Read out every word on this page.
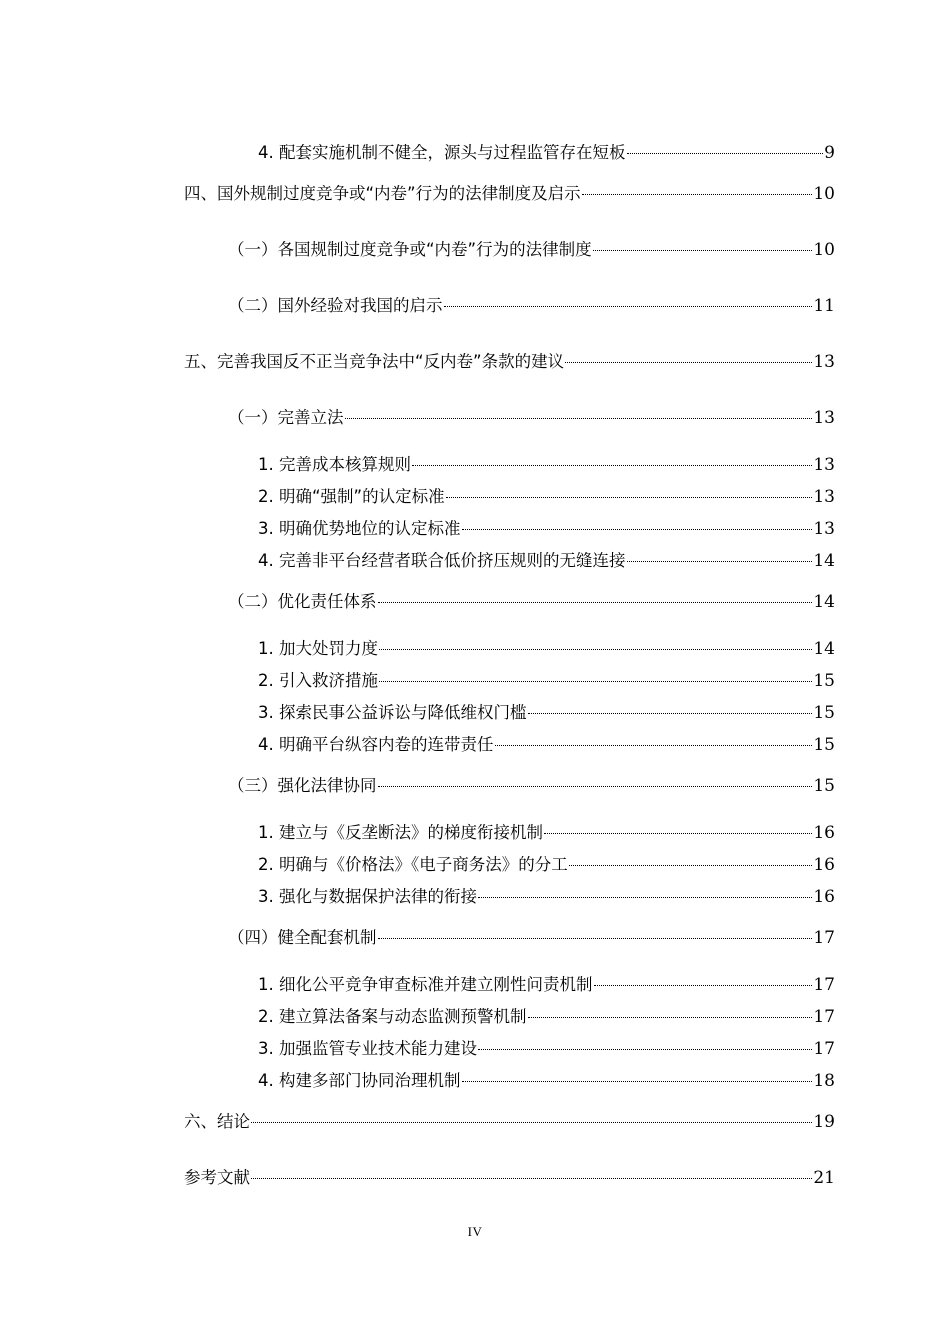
4. 配套实施机制不健全，源头与过程监管存在短板	9
四、国外规制过度竞争或“内卷”行为的法律制度及启示	10
（一）各国规制过度竞争或“内卷”行为的法律制度	10
（二）国外经验对我国的启示	11
五、完善我国反不正当竞争法中“反内卷”条款的建议	13
（一）完善立法	13
1. 完善成本核算规则	13
2. 明确“强制”的认定标准	13
3. 明确优势地位的认定标准	13
4. 完善非平台经营者联合低价挤压规则的无缝连接	14
（二）优化责任体系	14
1. 加大处罚力度	14
2. 引入救济措施	15
3. 探索民事公益诉讼与降低维权门槛	15
4. 明确平台纵容内卷的连带责任	15
（三）强化法律协同	15
1. 建立与《反垄断法》的梯度衔接机制	16
2. 明确与《价格法》《电子商务法》的分工	16
3. 强化与数据保护法律的衔接	16
（四）健全配套机制	17
1. 细化公平竞争审查标准并建立刚性问责机制	17
2. 建立算法备案与动态监测预警机制	17
3. 加强监管专业技术能力建设	17
4. 构建多部门协同治理机制	18
六、结论	19
参考文献	21
IV
